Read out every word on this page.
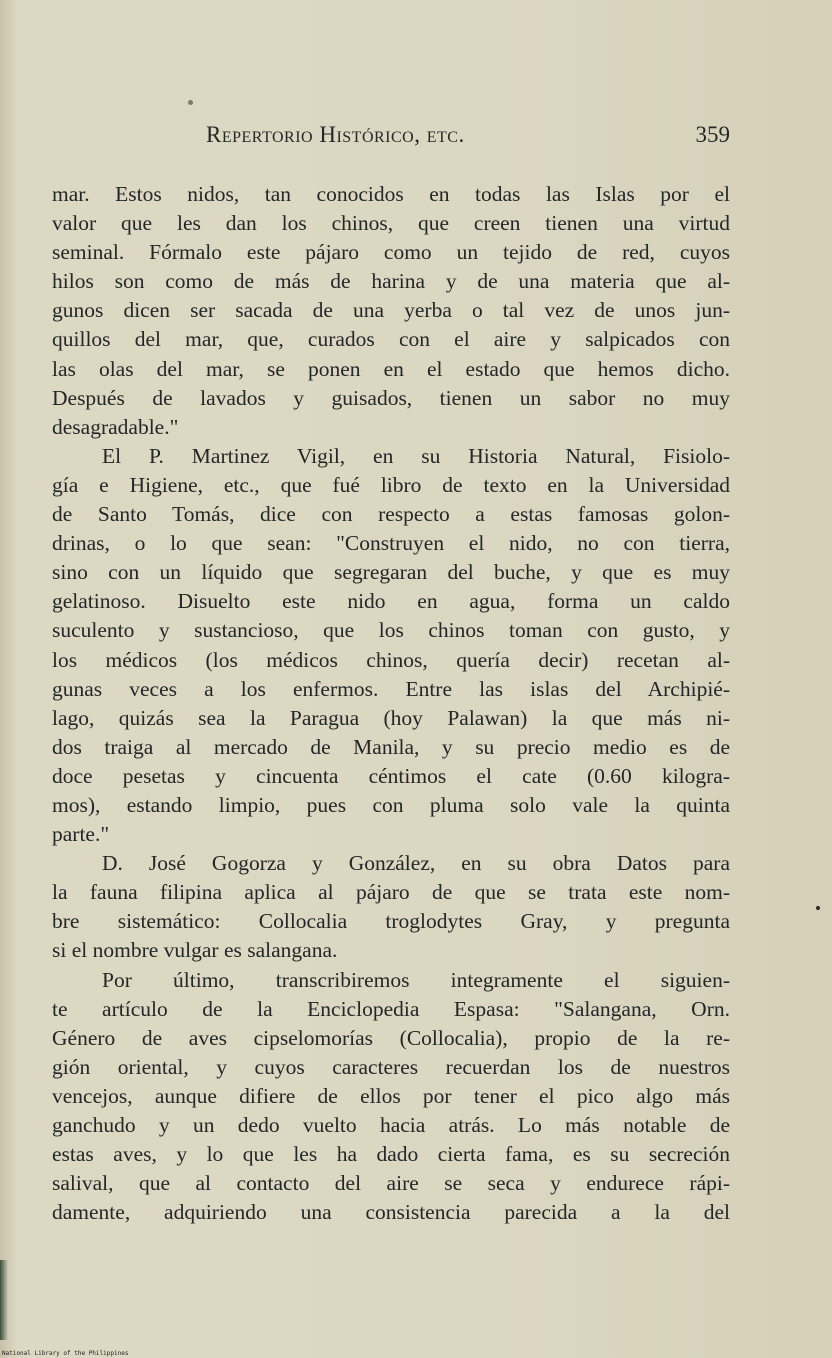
Repertorio Histórico, etc.	359
mar. Estos nidos, tan conocidos en todas las Islas por el
valor que les dan los chinos, que creen tienen una virtud
seminal. Fórmalo este pájaro como un tejido de red, cuyos
hilos son como de más de harina y de una materia que al-
gunos dicen ser sacada de una yerba o tal vez de unos jun-
quillos del mar, que, curados con el aire y salpicados con
las olas del mar, se ponen en el estado que hemos dicho.
Después de lavados y guisados, tienen un sabor no muy
desagradable."
El P. Martinez Vigil, en su Historia Natural, Fisiolo-
gía e Higiene, etc., que fué libro de texto en la Universidad
de Santo Tomás, dice con respecto a estas famosas golon-
drinas, o lo que sean: "Construyen el nido, no con tierra,
sino con un líquido que segregaran del buche, y que es muy
gelatinoso. Disuelto este nido en agua, forma un caldo
suculento y sustancioso, que los chinos toman con gusto, y
los médicos (los médicos chinos, quería decir) recetan al-
gunas veces a los enfermos. Entre las islas del Archipié-
lago, quizás sea la Paragua (hoy Palawan) la que más ni-
dos traiga al mercado de Manila, y su precio medio es de
doce pesetas y cincuenta céntimos el cate (0.60 kilogra-
mos), estando limpio, pues con pluma solo vale la quinta
parte."
D. José Gogorza y González, en su obra Datos para
la fauna filipina aplica al pájaro de que se trata este nom-
bre sistemático: Collocalia troglodytes Gray, y pregunta
si el nombre vulgar es salangana.
Por último, transcribiremos integramente el siguien-
te artículo de la Enciclopedia Espasa: "Salangana, Orn.
Género de aves cipselomorías (Collocalia), propio de la re-
gión oriental, y cuyos caracteres recuerdan los de nuestros
vencejos, aunque difiere de ellos por tener el pico algo más
ganchudo y un dedo vuelto hacia atrás. Lo más notable de
estas aves, y lo que les ha dado cierta fama, es su secreción
salival, que al contacto del aire se seca y endurece rápi-
damente, adquiriendo una consistencia parecida a la del
National Library of the Philippines
